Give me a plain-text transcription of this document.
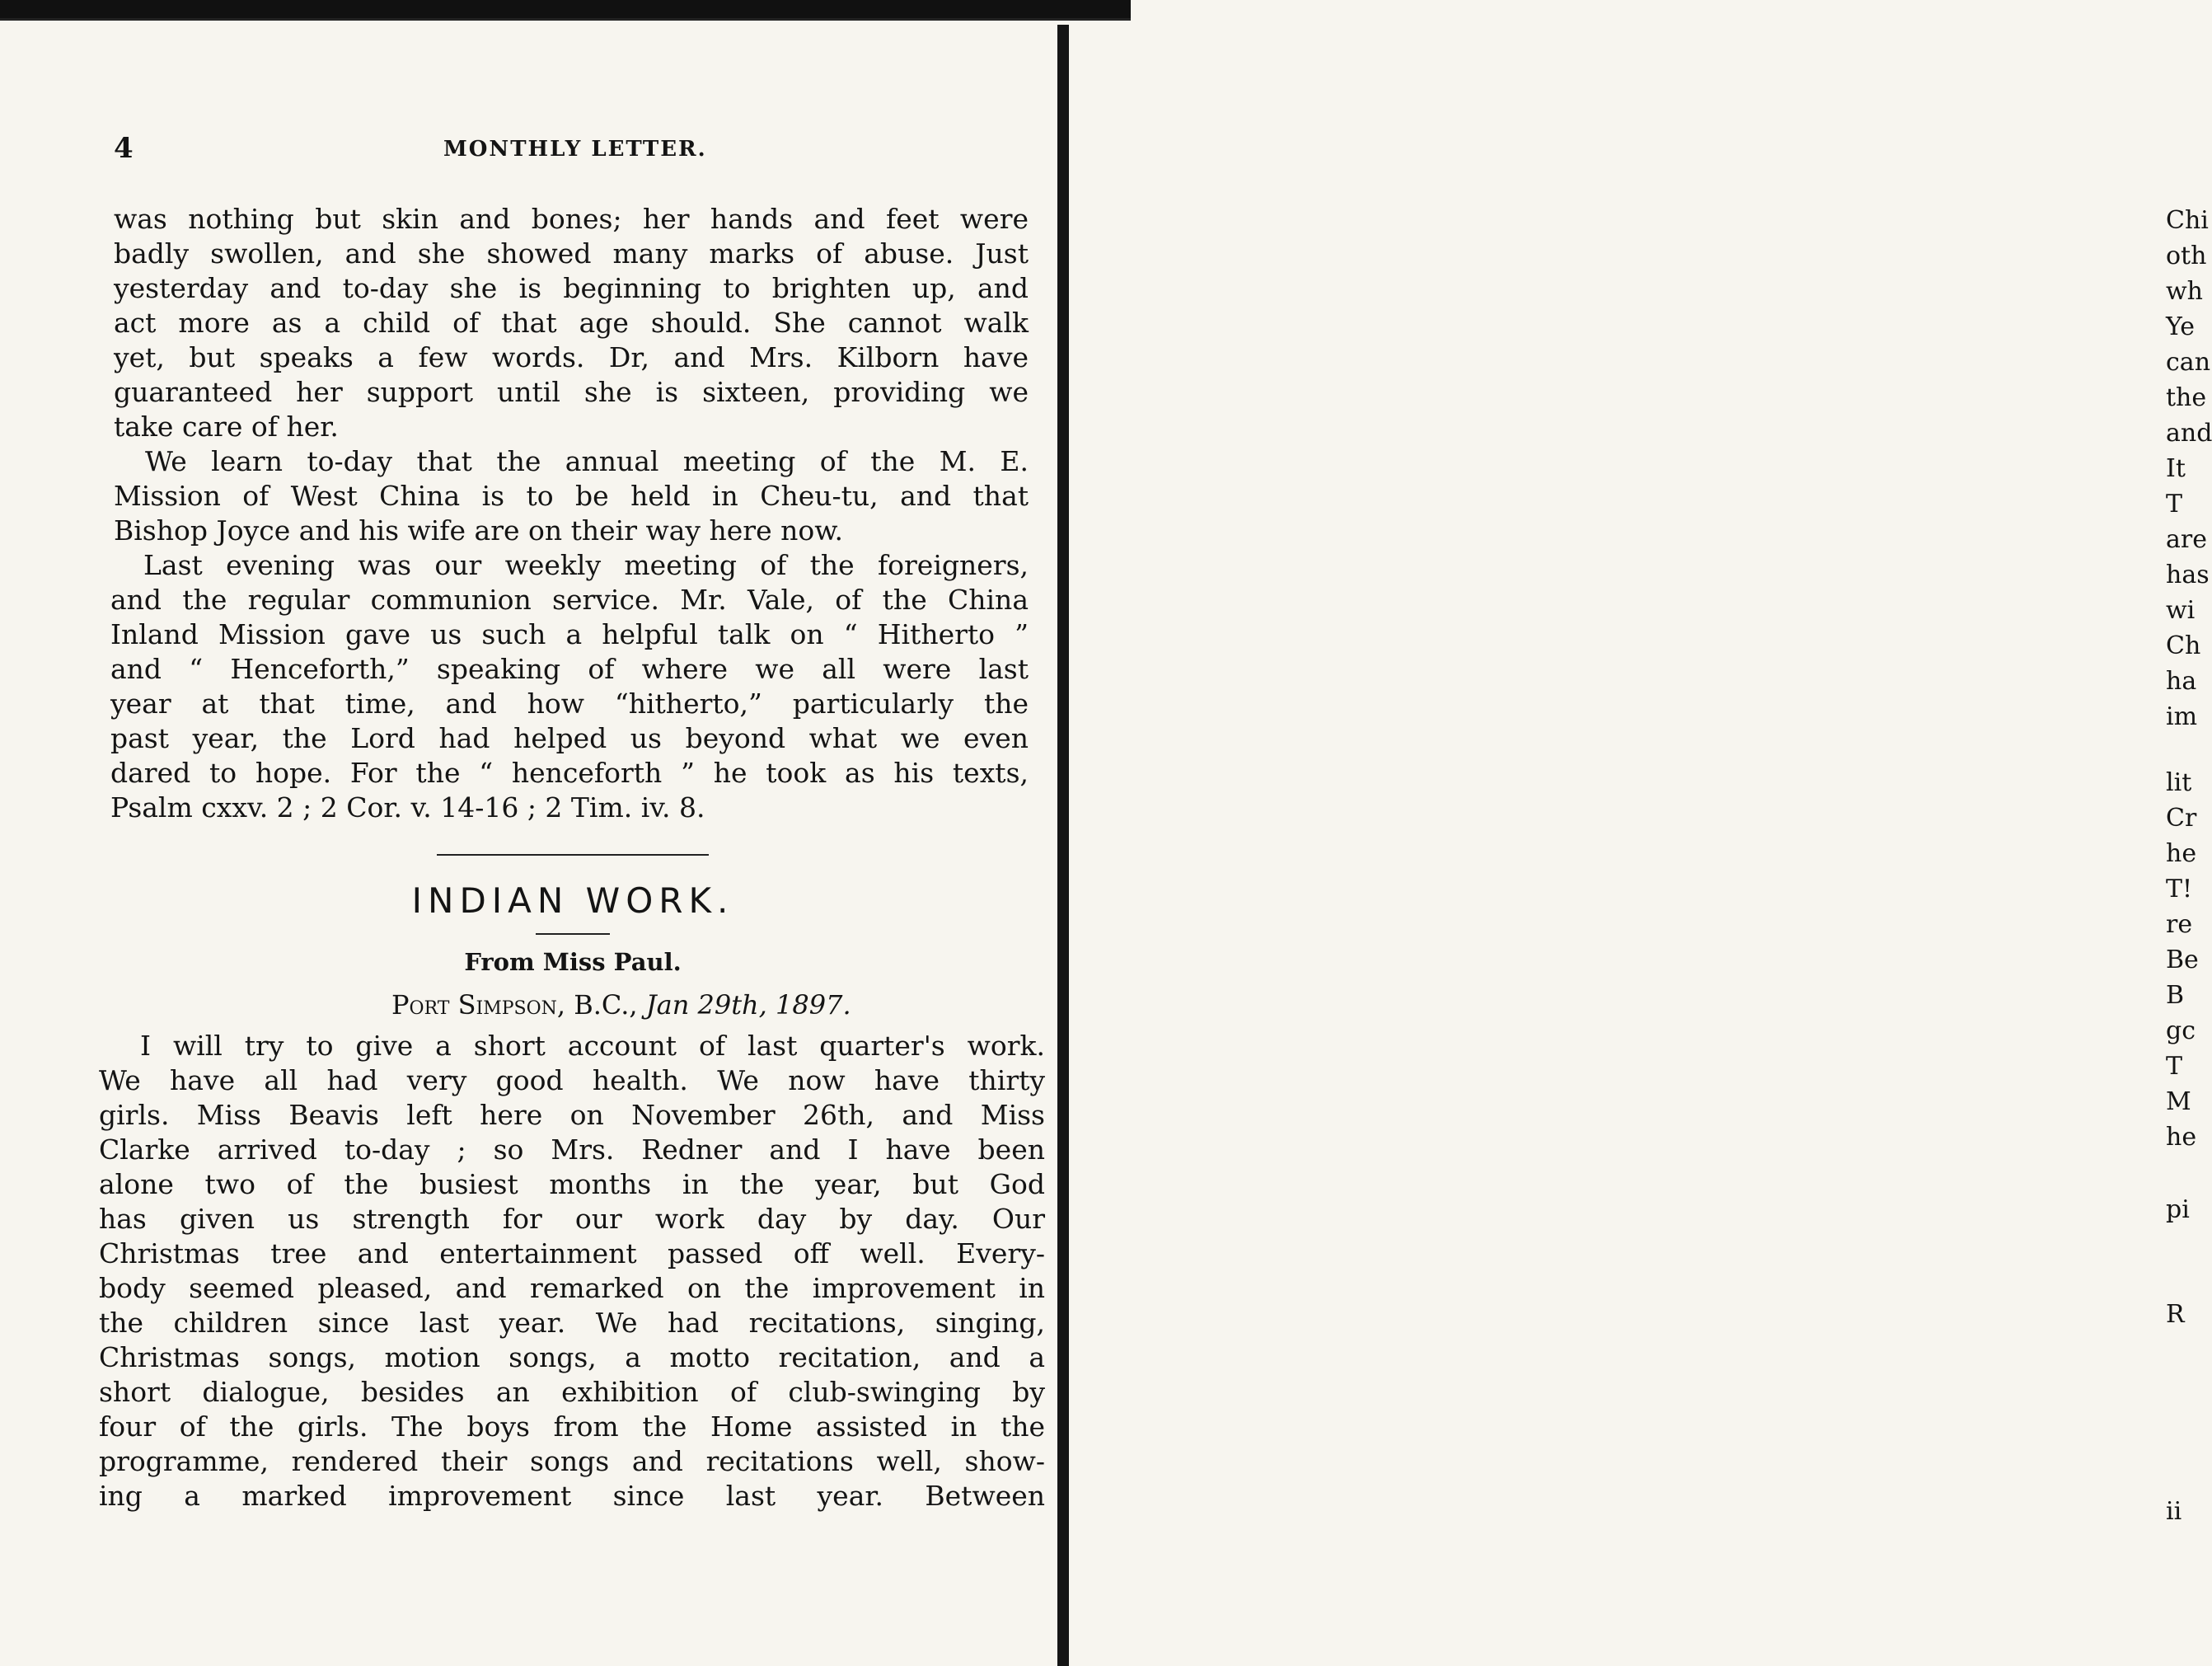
4	MONTHLY LETTER.
was nothing but skin and bones; her hands and feet were
badly swollen, and she showed many marks of abuse. Just
yesterday and to-day she is beginning to brighten up, and
act more as a child of that age should. She cannot walk
yet, but speaks a few words. Dr, and Mrs. Kilborn have
guaranteed her support until she is sixteen, providing we
take care of her.
We learn to-day that the annual meeting of the M. E.
Mission of West China is to be held in Cheu-tu, and that
Bishop Joyce and his wife are on their way here now.
Last evening was our weekly meeting of the foreigners,
and the regular communion service. Mr. Vale, of the China
Inland Mission gave us such a helpful talk on “ Hitherto ”
and “ Henceforth,” speaking of where we all were last
year at that time, and how “hitherto,” particularly the
past year, the Lord had helped us beyond what we even
dared to hope. For the “ henceforth ” he took as his texts,
Psalm cxxv. 2 ; 2 Cor. v. 14-16 ; 2 Tim. iv. 8.
INDIAN WORK.

From Miss Paul.

Port Simpson, B.C., Jan 29th, 1897.

I will try to give a short account of last quarter's work.
We have all had very good health. We now have thirty
girls. Miss Beavis left here on November 26th, and Miss
Clarke arrived to-day ; so Mrs. Redner and I have been
alone two of the busiest months in the year, but God
has given us strength for our work day by day. Our
Christmas tree and entertainment passed off well. Every-
body seemed pleased, and remarked on the improvement in
the children since last year. We had recitations, singing,
Christmas songs, motion songs, a motto recitation, and a
short dialogue, besides an exhibition of club-swinging by
four of the girls. The boys from the Home assisted in the
programme, rendered their songs and recitations well, show-
ing a marked improvement since last year. Between

Chi

oth

wh

Ye

can

the

and

It

T

are

has

wi

Ch

ha

im

lit

Cr

he

T!

re

Be

B

gc

T

M

he

pi

R

ii
